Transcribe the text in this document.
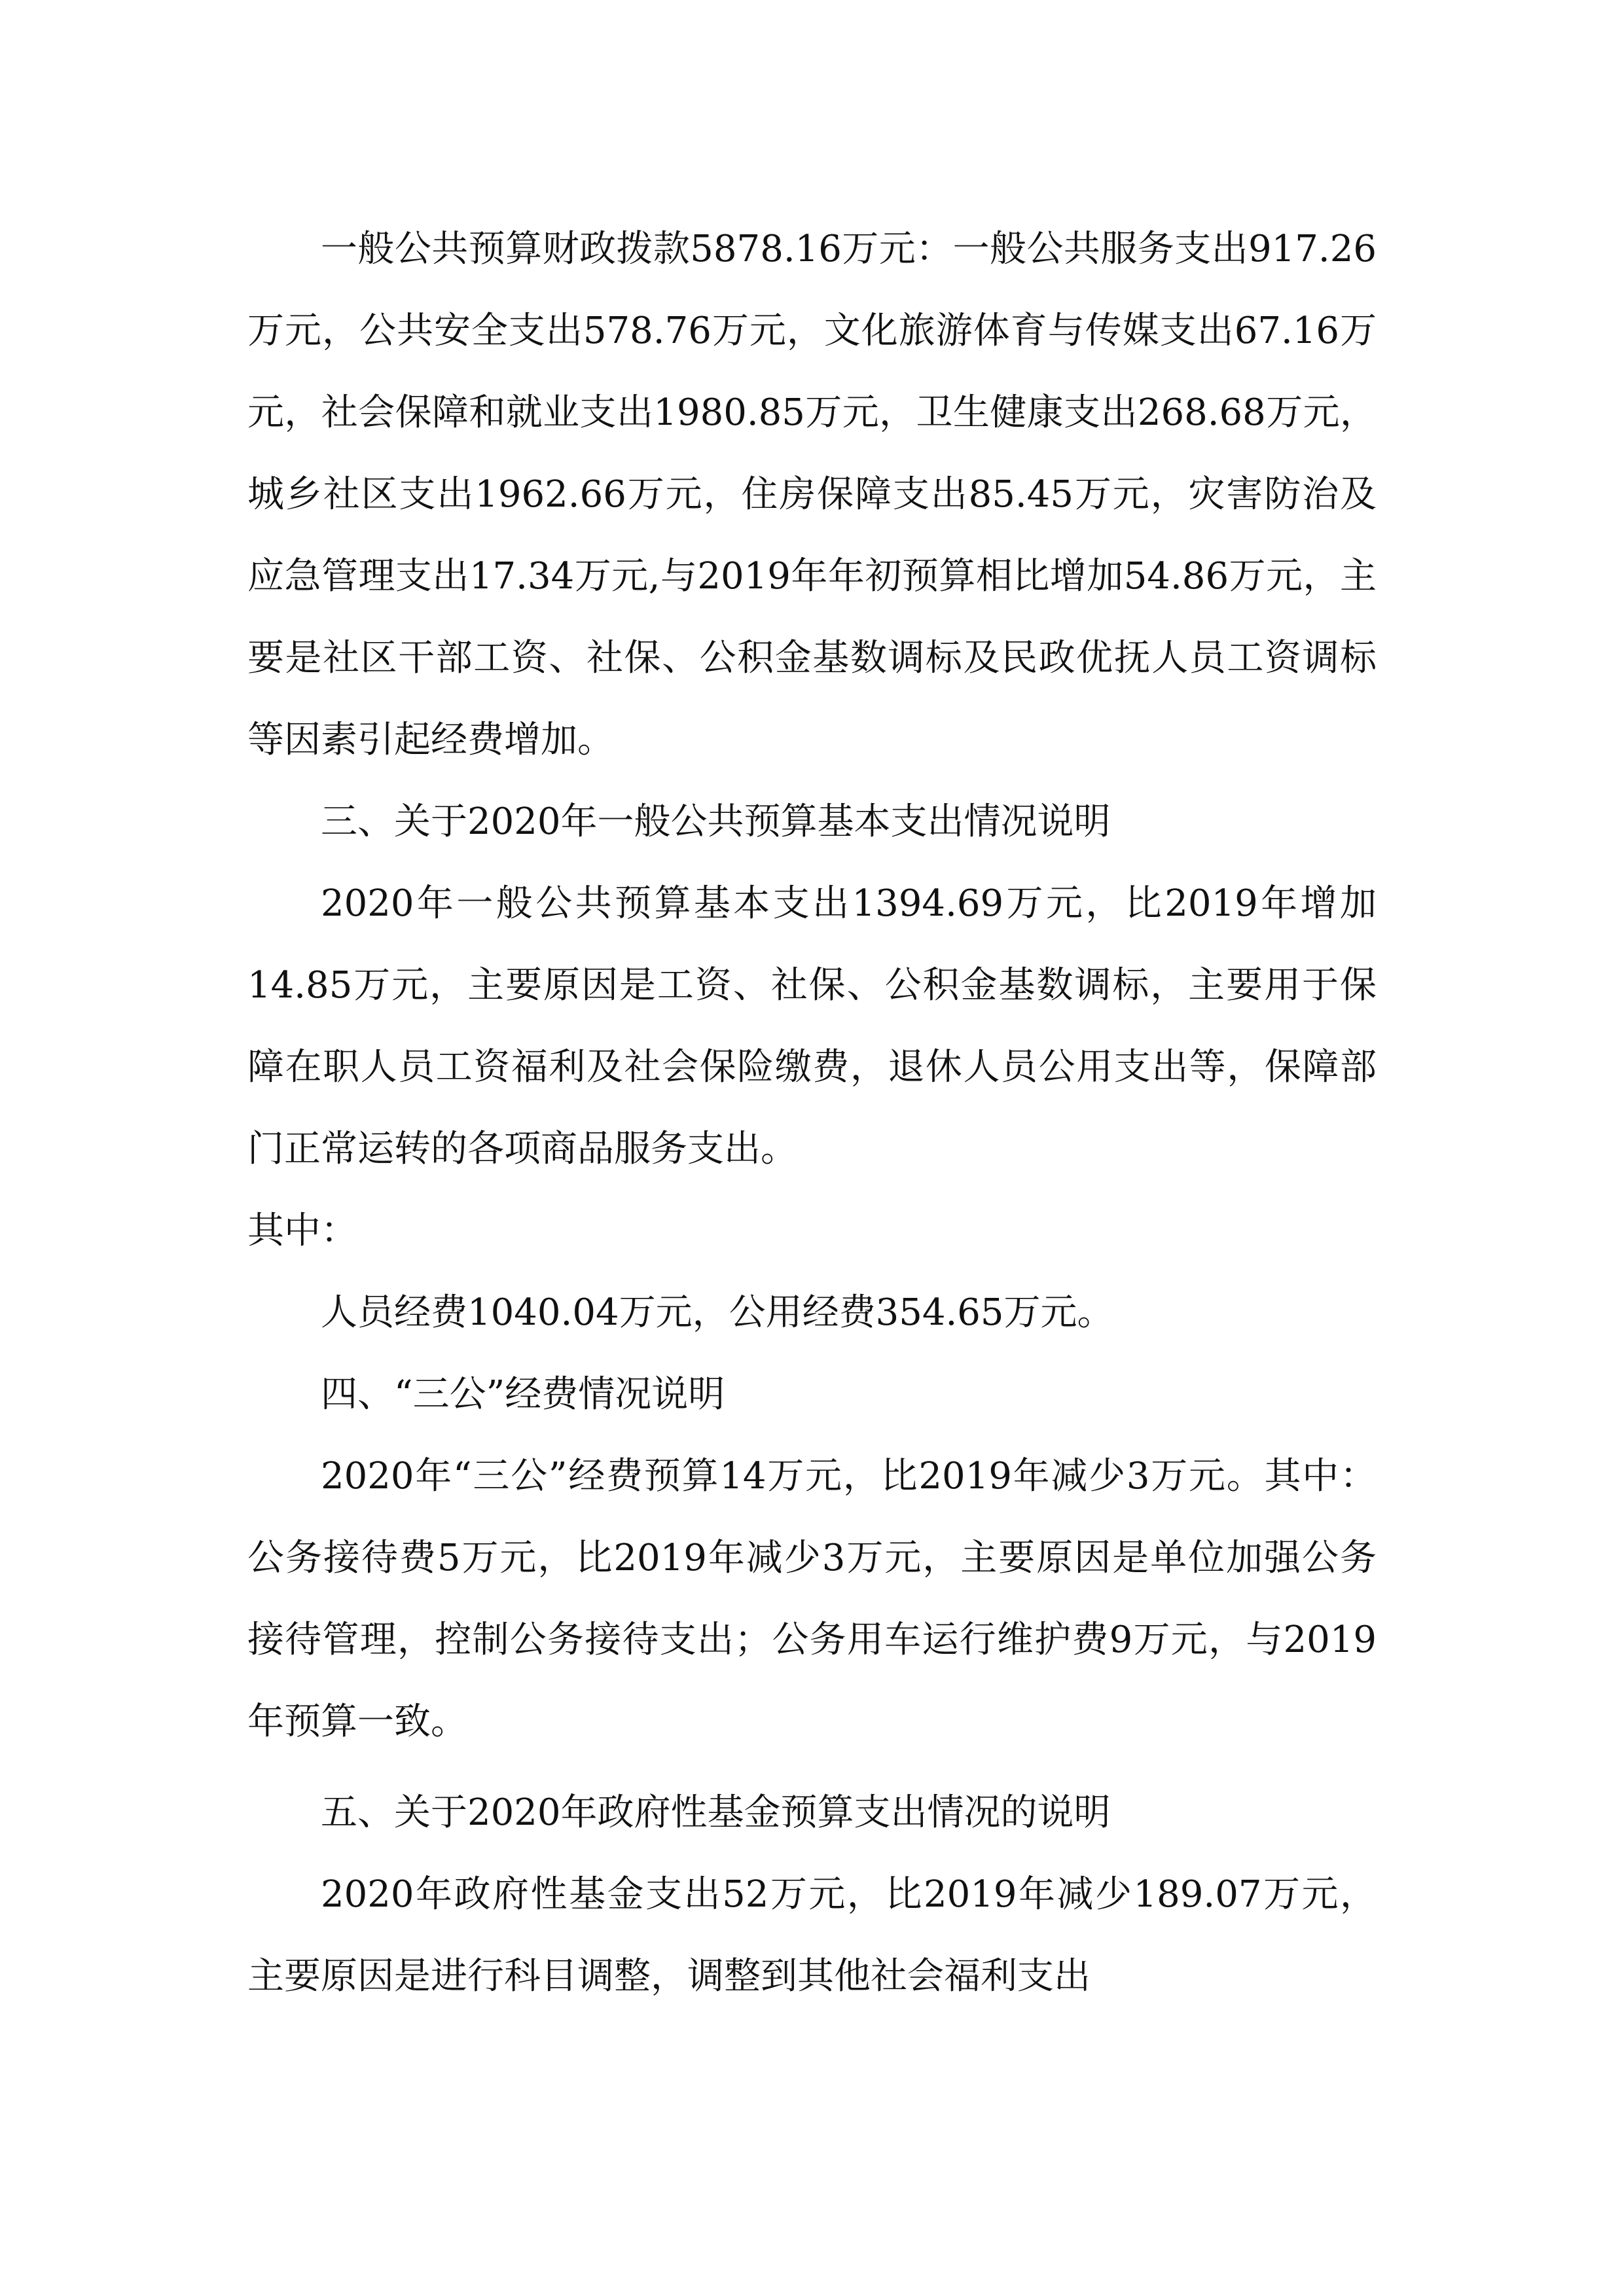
一般公共预算财政拨款5878.16万元：一般公共服务支出917.26万元，公共安全支出578.76万元，文化旅游体育与传媒支出67.16万元，社会保障和就业支出1980.85万元，卫生健康支出268.68万元，城乡社区支出1962.66万元，住房保障支出85.45万元，灾害防治及应急管理支出17.34万元,与2019年年初预算相比增加54.86万元，主要是社区干部工资、社保、公积金基数调标及民政优抚人员工资调标等因素引起经费增加。

三、关于2020年一般公共预算基本支出情况说明

2020年一般公共预算基本支出1394.69万元，比2019年增加14.85万元，主要原因是工资、社保、公积金基数调标，主要用于保障在职人员工资福利及社会保险缴费，退休人员公用支出等，保障部门正常运转的各项商品服务支出。

其中：

人员经费1040.04万元，公用经费354.65万元。

四、“三公”经费情况说明

2020年“三公”经费预算14万元，比2019年减少3万元。其中：公务接待费5万元，比2019年减少3万元，主要原因是单位加强公务接待管理，控制公务接待支出；公务用车运行维护费9万元，与2019年预算一致。

五、关于2020年政府性基金预算支出情况的说明

2020年政府性基金支出52万元，比2019年减少189.07万元，主要原因是进行科目调整，调整到其他社会福利支出
